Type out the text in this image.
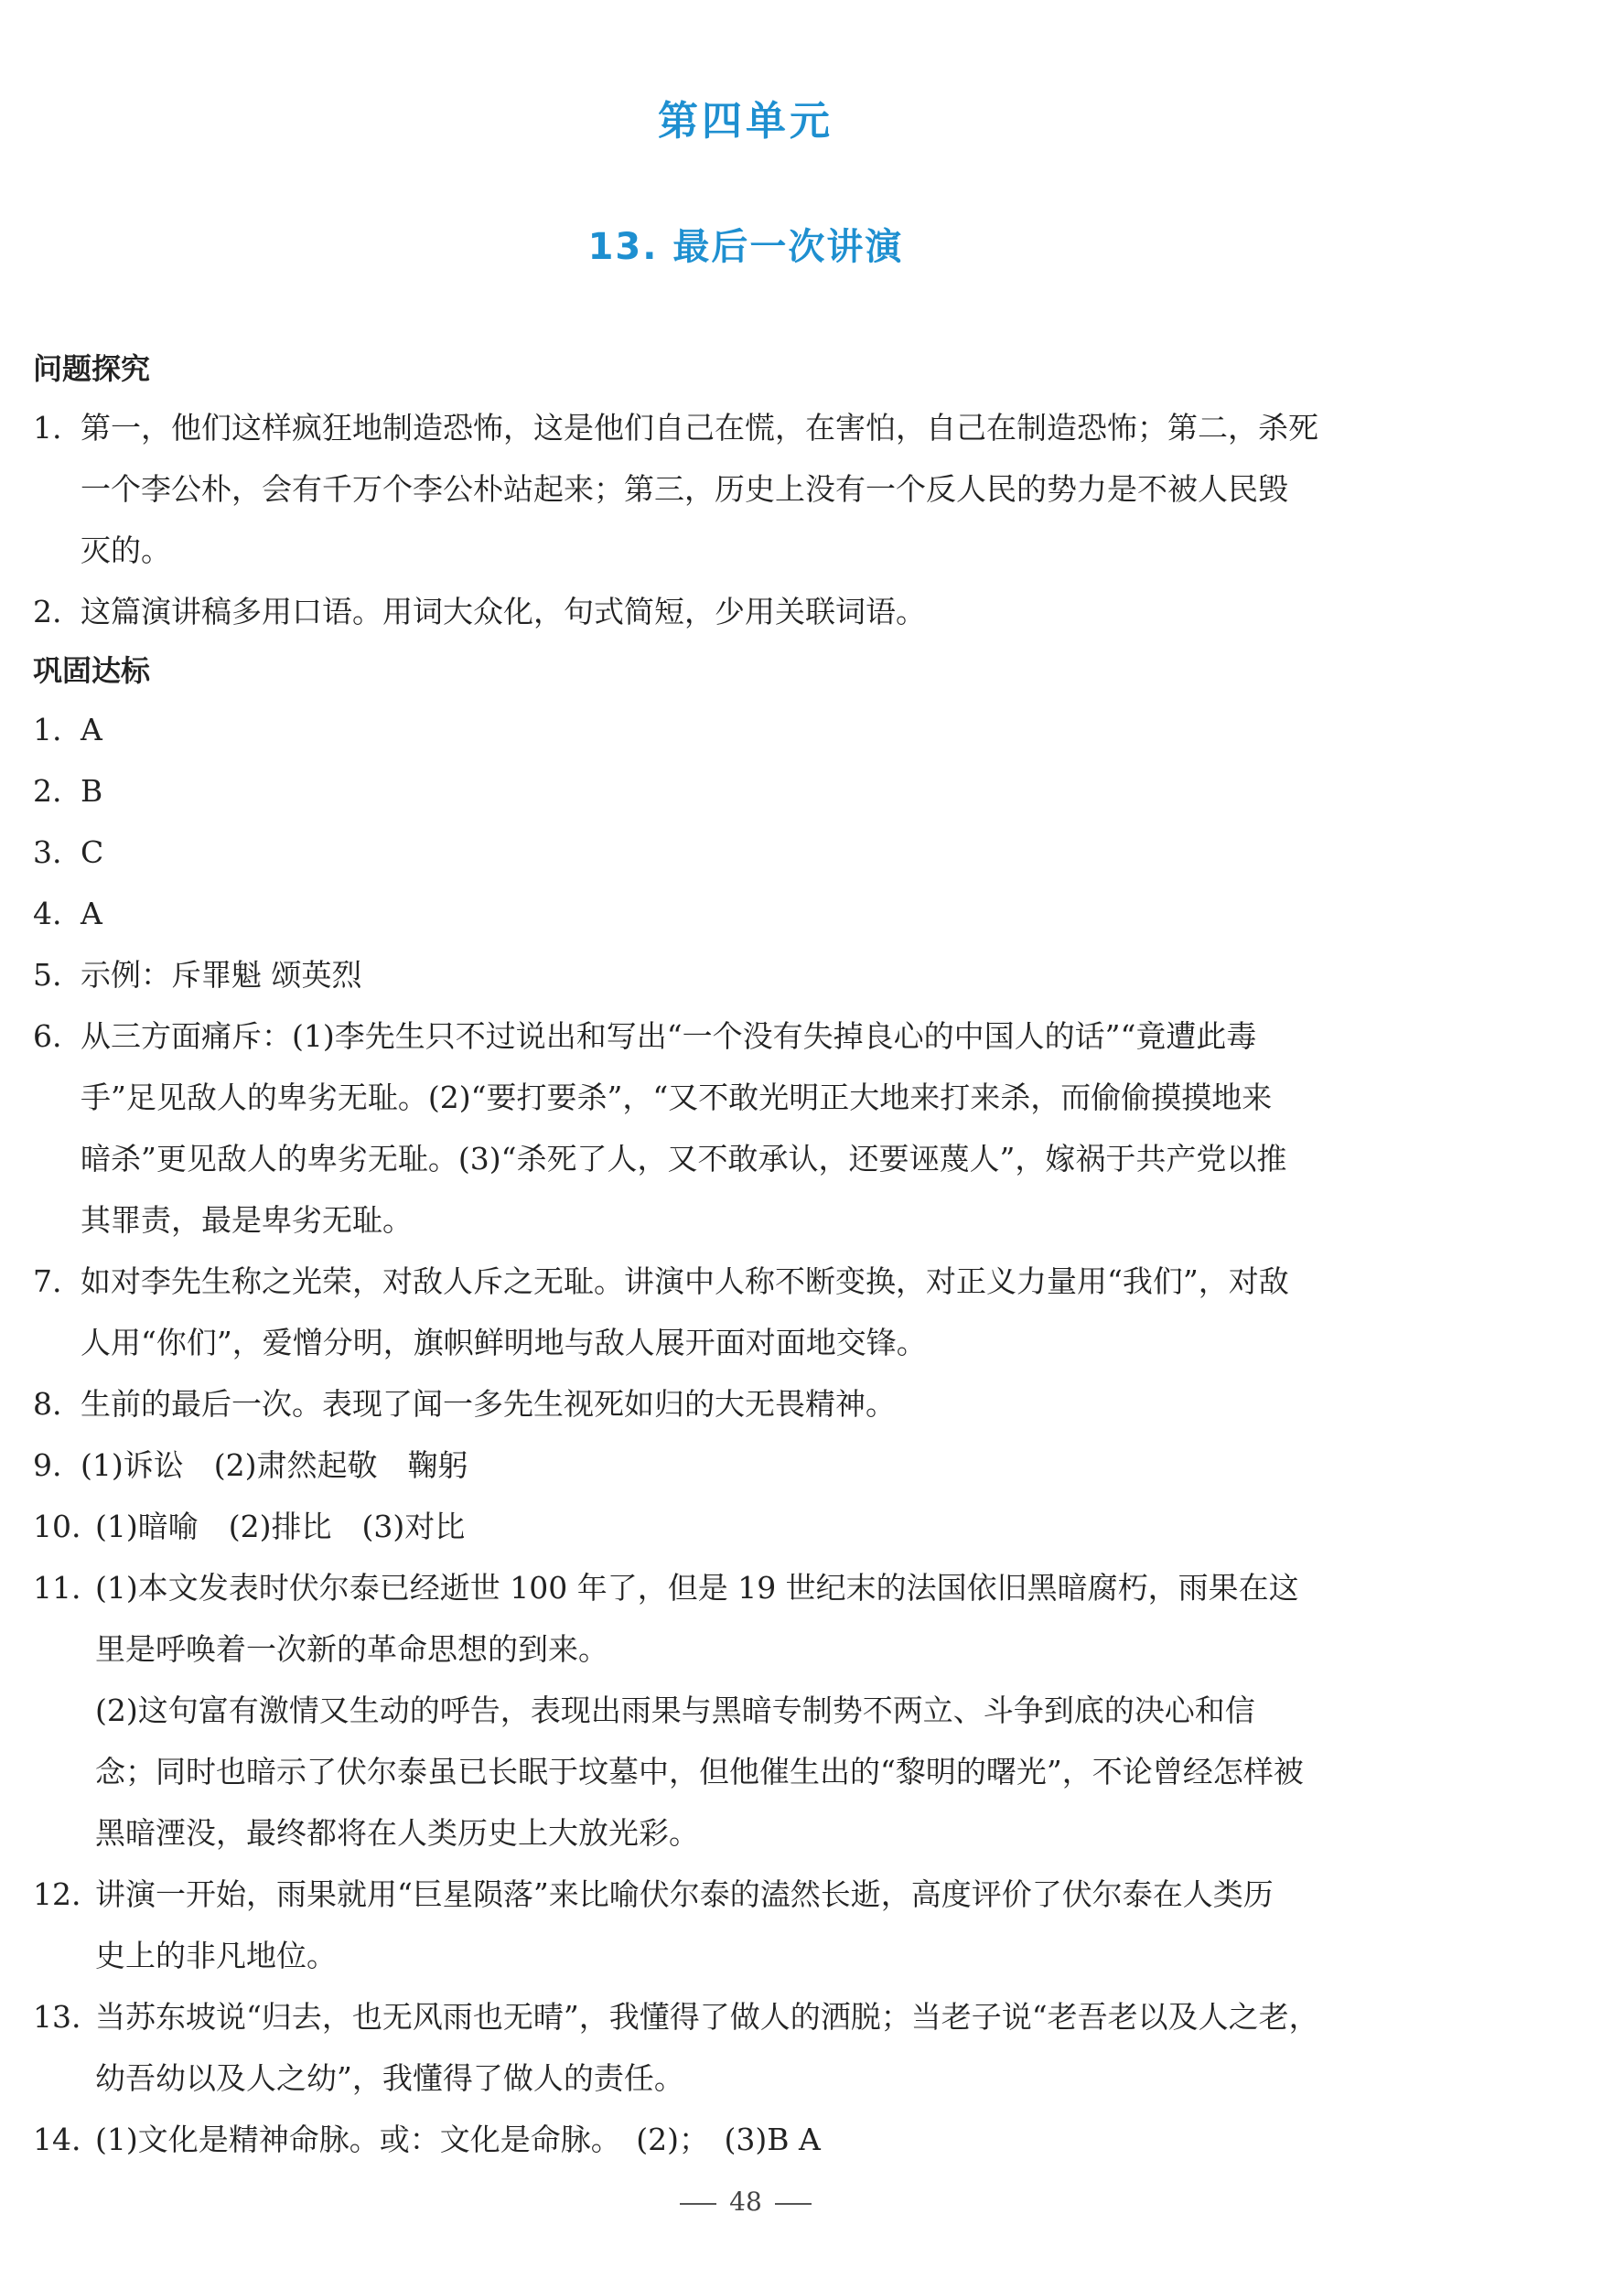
第四单元
13. 最后一次讲演
问题探究
1. 第一，他们这样疯狂地制造恐怖，这是他们自己在慌，在害怕，自己在制造恐怖；第二，杀死
一个李公朴，会有千万个李公朴站起来；第三，历史上没有一个反人民的势力是不被人民毁
灭的。
2. 这篇演讲稿多用口语。用词大众化，句式简短，少用关联词语。
巩固达标
1. A
2. B
3. C
4. A
5. 示例：斥罪魁 颂英烈
6. 从三方面痛斥：(1)李先生只不过说出和写出“一个没有失掉良心的中国人的话”“竟遭此毒
手”足见敌人的卑劣无耻。(2)“要打要杀”，“又不敢光明正大地来打来杀，而偷偷摸摸地来
暗杀”更见敌人的卑劣无耻。(3)“杀死了人，又不敢承认，还要诬蔑人”，嫁祸于共产党以推
其罪责，最是卑劣无耻。
7. 如对李先生称之光荣，对敌人斥之无耻。讲演中人称不断变换，对正义力量用“我们”，对敌
人用“你们”，爱憎分明，旗帜鲜明地与敌人展开面对面地交锋。
8. 生前的最后一次。表现了闻一多先生视死如归的大无畏精神。
9. (1)诉讼　(2)肃然起敬　鞠躬
10. (1)暗喻　(2)排比　(3)对比
11. (1)本文发表时伏尔泰已经逝世 100 年了，但是 19 世纪末的法国依旧黑暗腐朽，雨果在这
里是呼唤着一次新的革命思想的到来。
(2)这句富有激情又生动的呼告，表现出雨果与黑暗专制势不两立、斗争到底的决心和信
念；同时也暗示了伏尔泰虽已长眠于坟墓中，但他催生出的“黎明的曙光”，不论曾经怎样被
黑暗湮没，最终都将在人类历史上大放光彩。
12. 讲演一开始，雨果就用“巨星陨落”来比喻伏尔泰的溘然长逝，高度评价了伏尔泰在人类历
史上的非凡地位。
13. 当苏东坡说“归去，也无风雨也无晴”，我懂得了做人的洒脱；当老子说“老吾老以及人之老，
幼吾幼以及人之幼”，我懂得了做人的责任。
14. (1)文化是精神命脉。或：文化是命脉。　(2)；　(3)B A
48
